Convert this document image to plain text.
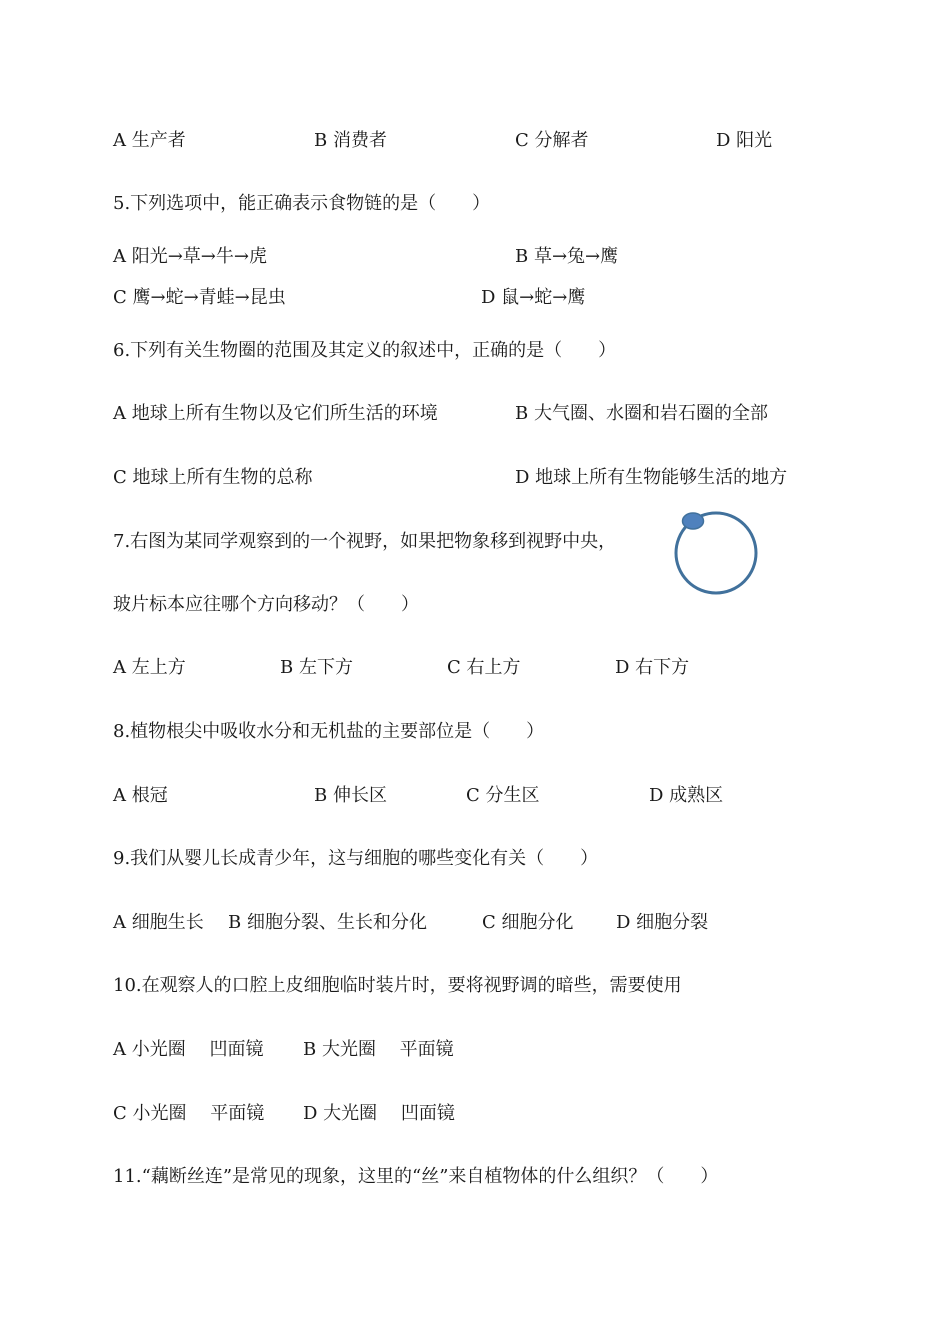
A 生产者	B 消费者	C 分解者	D 阳光
5.下列选项中，能正确表示食物链的是（　　）
A 阳光→草→牛→虎	B 草→兔→鹰
C 鹰→蛇→青蛙→昆虫	D 鼠→蛇→鹰
6.下列有关生物圈的范围及其定义的叙述中，正确的是（　　）
A 地球上所有生物以及它们所生活的环境	B 大气圈、水圈和岩石圈的全部
C 地球上所有生物的总称	D 地球上所有生物能够生活的地方
7.右图为某同学观察到的一个视野，如果把物象移到视野中央，
玻片标本应往哪个方向移动？（　　）
A 左上方	B 左下方	C 右上方	D 右下方
8.植物根尖中吸收水分和无机盐的主要部位是（　　）
A 根冠	B 伸长区	C 分生区	D 成熟区
9.我们从婴儿长成青少年，这与细胞的哪些变化有关（　　）
A 细胞生长 B 细胞分裂、生长和分化	C 细胞分化 D 细胞分裂
10.在观察人的口腔上皮细胞临时装片时，要将视野调的暗些，需要使用
A 小光圈　 凹面镜 B 大光圈　 平面镜
C 小光圈　 平面镜 D 大光圈　 凹面镜
11.“藕断丝连”是常见的现象，这里的“丝”来自植物体的什么组织？（　　）
